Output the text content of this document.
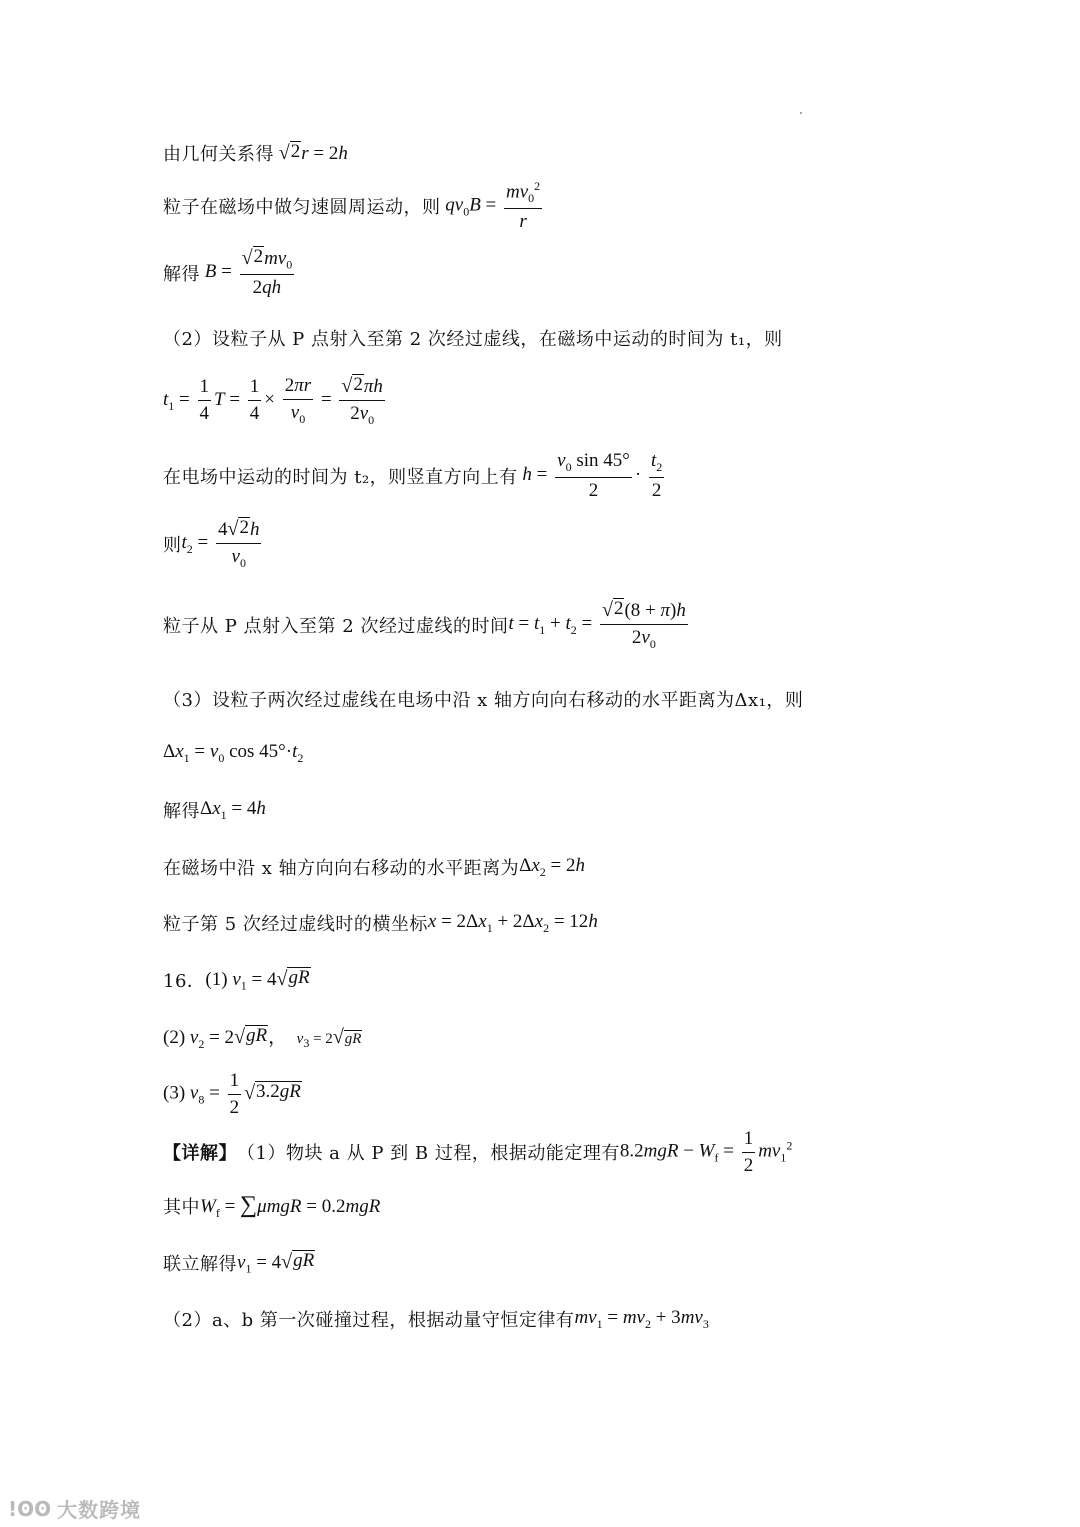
由几何关系得
√ 2 r = 2h
粒子在磁场中做匀速圆周运动，则 $qv_0B = \frac{mv_0^2}{r}$
解得 $B = \frac{√ 2 mv_0}{2qh}$
（2）设粒子从 P 点射入至第 2 次经过虚线，在磁场中运动的时间为 t₁，则
$t_1 = \frac{1}{4}$ $T = \frac{1}{4} \times \frac{2\pi r}{v_0} = \frac{√ 2 \pi h}{2v_0}$
在电场中运动的时间为 t₂，则竖直方向上有 $h = \frac{v_0 \sin 45^\circ}{2} \cdot \frac{t_2}{2}$
则 $t_2 = \frac{4 √ 2 h}{v_0}$
粒子从 P 点射入至第 2 次经过虚线的时间 $t = t_1 + t_2 = \frac{√ 2 (8 + \pi)h}{2v_0}$
（3）设粒子两次经过虚线在电场中沿 x 轴方向向右移动的水平距离为Δx₁，则
$\Delta x_1 = v_0$ $\cos 45^\circ\cdot t_2$
解得 $\Delta x_1 = 4h$
在磁场中沿 x 轴方向向右移动的水平距离为 $\Delta x_2 = 2h$
粒子第 5 次经过虚线时的横坐标 $x = 2\Delta x_1 + 2\Delta x_2 = 12h$
16． (1) $v_1 = 4$ √ gR
(2) $v_2 = 2$ √ gR ，  $v_3 = 2$ √ gR
(3) $v_8 = \frac{1}{2}$ √ 3.2gR
【详解】 （1）物块 a 从 P 到 B 过程，根据动能定理有 $8.2mgR - W_f = \frac{1}{2} mv_1^2$
其中 $W_f = \sum\mu mgR = 0.2mgR$
联立解得 $v_1 = 4$ √ gR
（2）a、b 第一次碰撞过程，根据动量守恒定律有 $mv_1 = mv_2 + 3mv_3$
!ʘʘ 大数跨境
